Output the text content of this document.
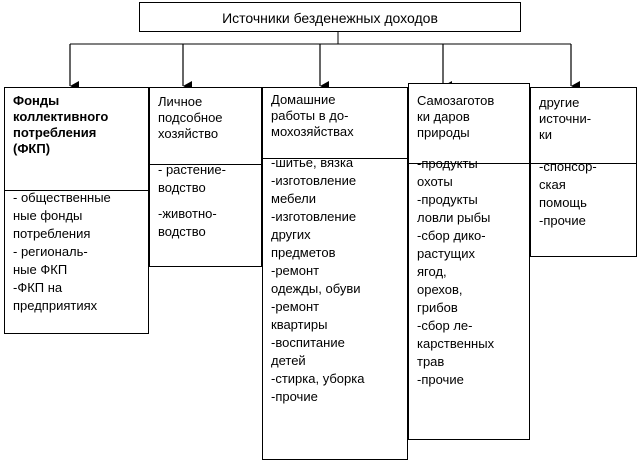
Источники безденежных доходов
Фонды
коллективного
потребления
(ФКП)
- общественные
ные фонды
потребления
- региональ-
ные ФКП
-ФКП на
предприятиях
Личное
подсобное
хозяйство
- растение-
водство
-животно-
водство
Домашние
работы в до-
мохозяйствах
-шитье, вязка
-изготовление
мебели
-изготовление
других
предметов
-ремонт
одежды, обуви
-ремонт
квартиры
-воспитание
детей
-стирка, уборка
-прочие
Самозаготов
ки даров
природы
-продукты
охоты
-продукты
ловли рыбы
-сбор дико-
растущих
ягод,
орехов,
грибов
-сбор ле-
карственных
трав
-прочие
другие
источни-
ки
-спонсор-
ская
помощь
-прочие
